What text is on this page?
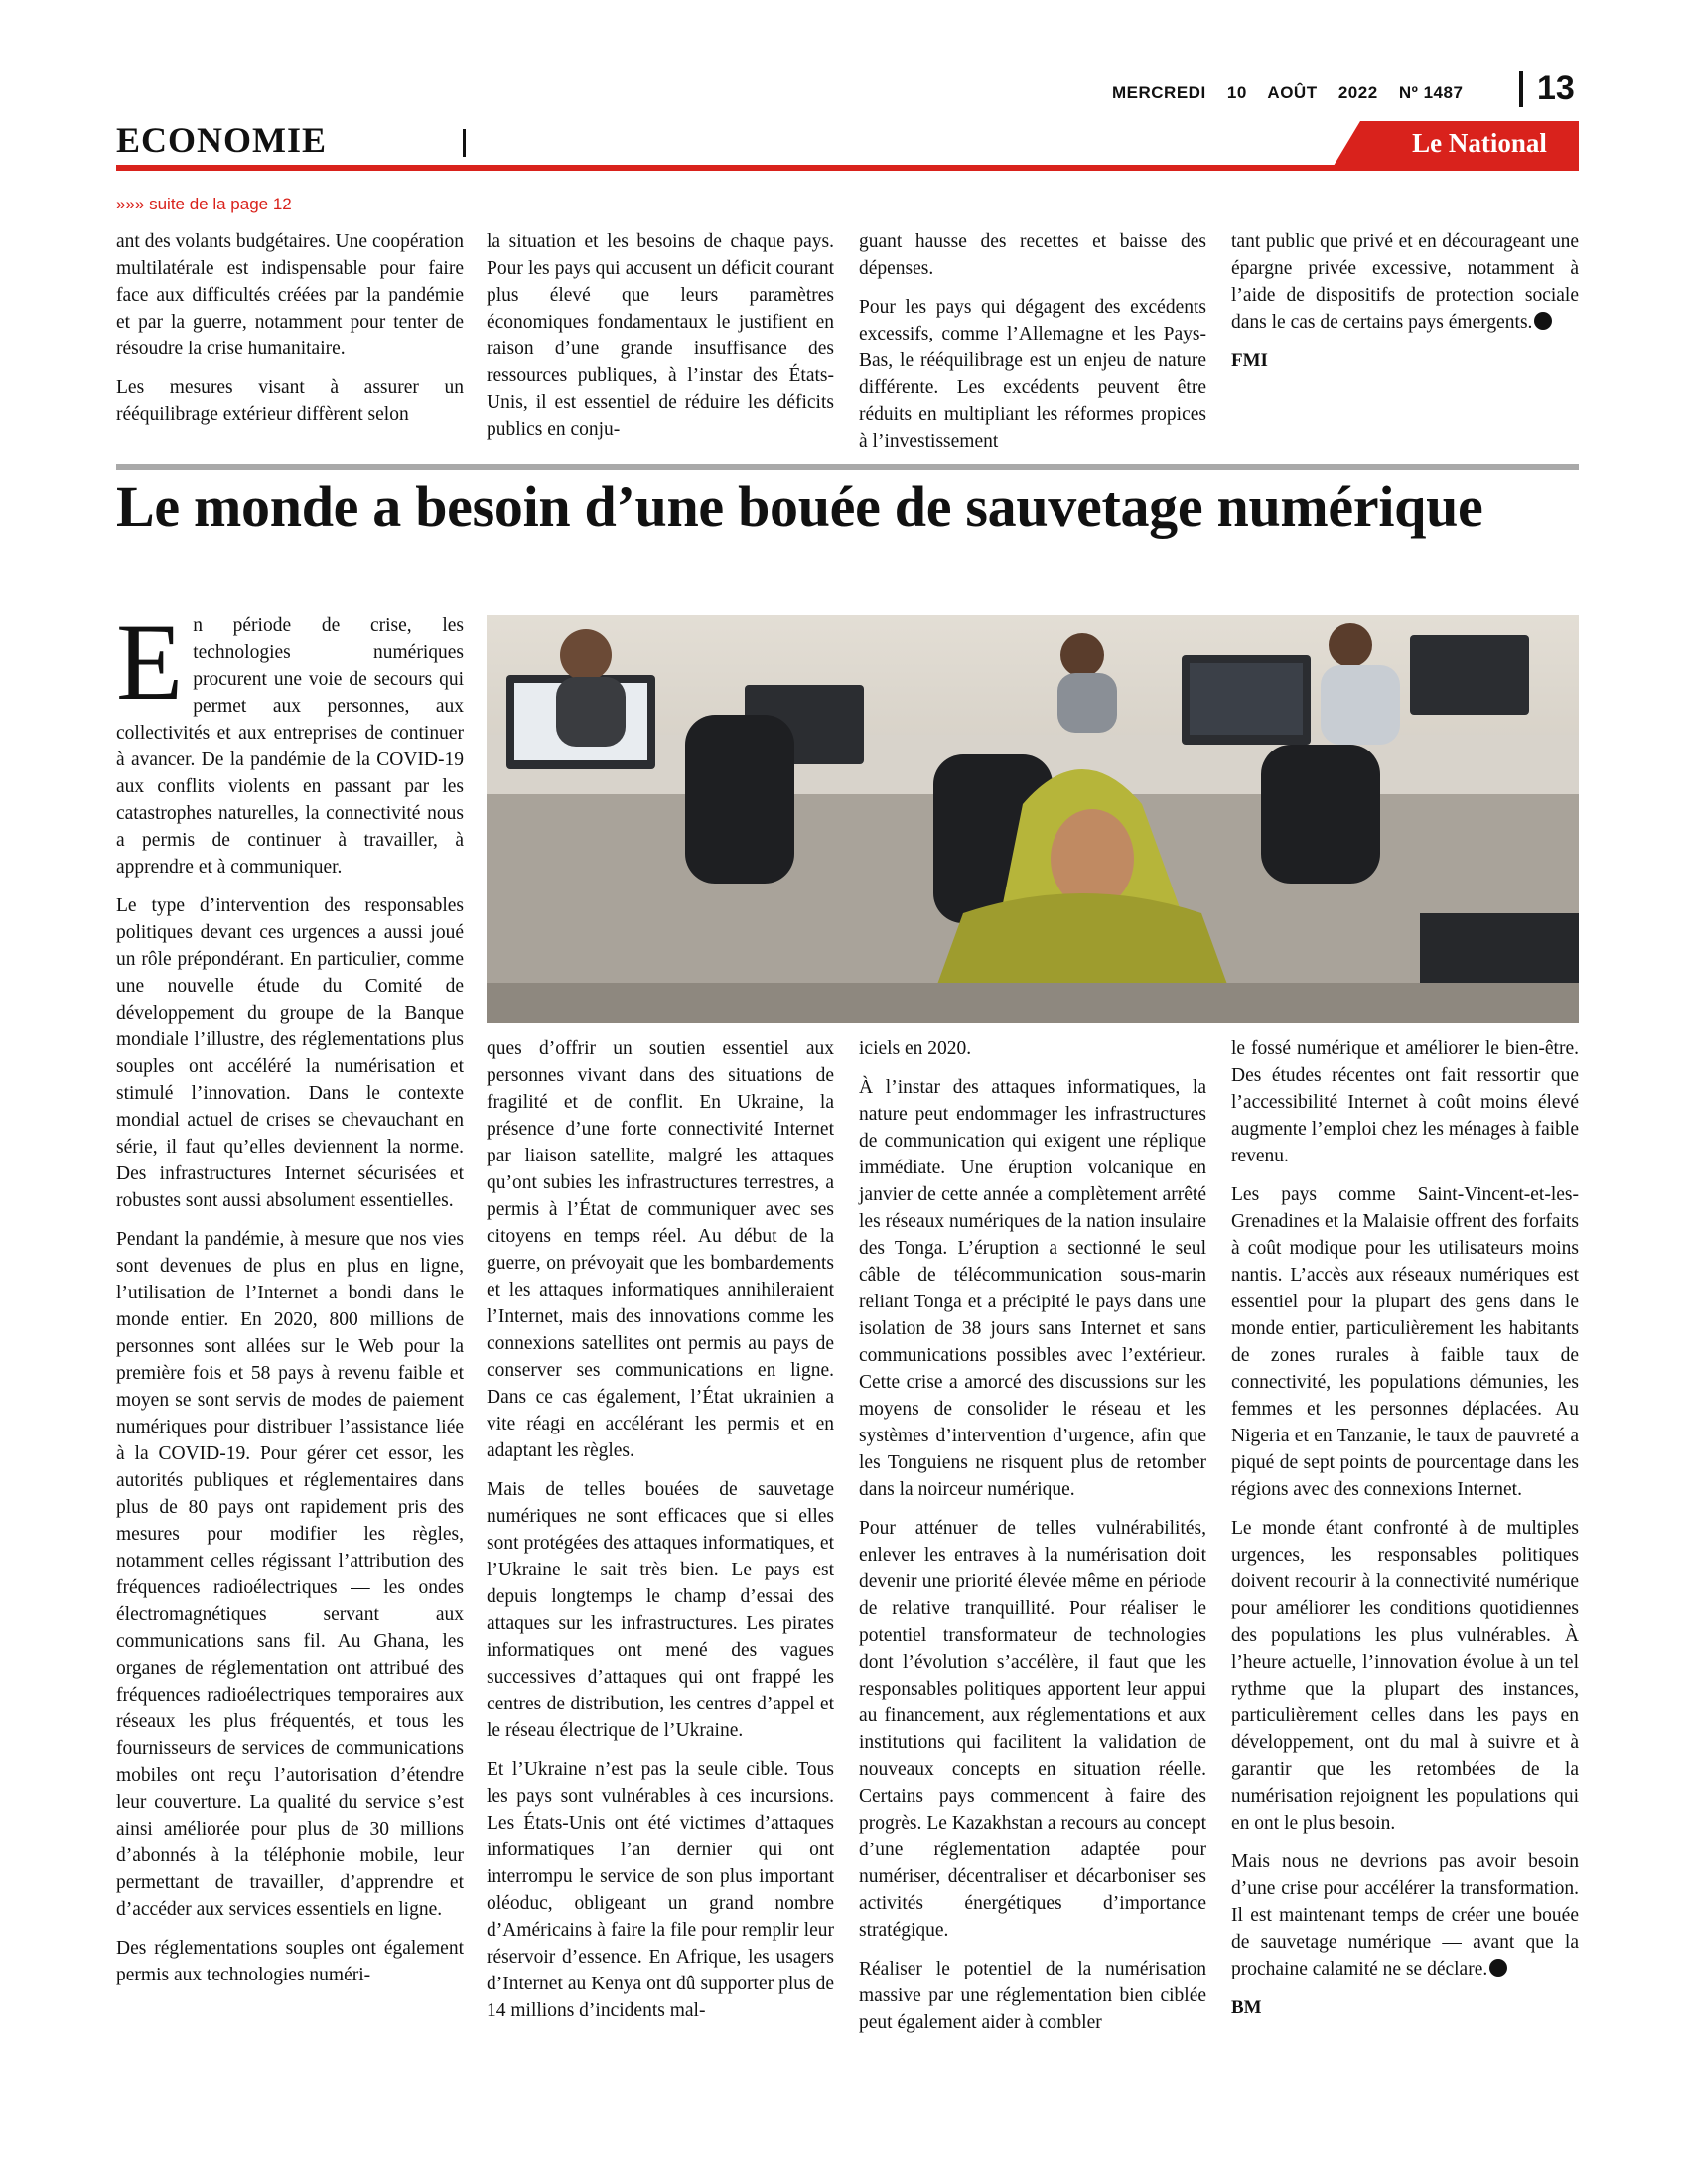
MERCREDI 10 AOÛT 2022 Nº 1487	13
ECONOMIE	Le National
»»» suite de la page 12

ant des volants budgétaires. Une coopération multilatérale est indispensable pour faire face aux difficultés créées par la pandémie et par la guerre, notamment pour tenter de résoudre la crise humanitaire.

Les mesures visant à assurer un rééquilibrage extérieur diffèrent selon

la situation et les besoins de chaque pays. Pour les pays qui accusent un déficit courant plus élevé que leurs paramètres économiques fondamentaux le justifient en raison d’une grande insuffisance des ressources publiques, à l’instar des États-Unis, il est essentiel de réduire les déficits publics en conju-

guant hausse des recettes et baisse des dépenses.

Pour les pays qui dégagent des excédents excessifs, comme l’Allemagne et les Pays-Bas, le rééquilibrage est un enjeu de nature différente. Les excédents peuvent être réduits en multipliant les réformes propices à l’investissement

tant public que privé et en décourageant une épargne privée excessive, notamment à l’aide de dispositifs de protection sociale dans le cas de certains pays émergents.

FMI
Le monde a besoin d’une bouée de sauvetage numérique

En période de crise, les technologies numériques procurent une voie de secours qui permet aux personnes, aux collectivités et aux entreprises de continuer à avancer. De la pandémie de la COVID-19 aux conflits violents en passant par les catastrophes naturelles, la connectivité nous a permis de continuer à travailler, à apprendre et à communiquer.

Le type d’intervention des responsables politiques devant ces urgences a aussi joué un rôle prépondérant. En particulier, comme une nouvelle étude du Comité de développement du groupe de la Banque mondiale l’illustre, des réglementations plus souples ont accéléré la numérisation et stimulé l’innovation. Dans le contexte mondial actuel de crises se chevauchant en série, il faut qu’elles deviennent la norme. Des infrastructures Internet sécurisées et robustes sont aussi absolument essentielles.

Pendant la pandémie, à mesure que nos vies sont devenues de plus en plus en ligne, l’utilisation de l’Internet a bondi dans le monde entier. En 2020, 800 millions de personnes sont allées sur le Web pour la première fois et 58 pays à revenu faible et moyen se sont servis de modes de paiement numériques pour distribuer l’assistance liée à la COVID-19. Pour gérer cet essor, les autorités publiques et réglementaires dans plus de 80 pays ont rapidement pris des mesures pour modifier les règles, notamment celles régissant l’attribution des fréquences radioélectriques — les ondes électromagnétiques servant aux communications sans fil. Au Ghana, les organes de réglementation ont attribué des fréquences radioélectriques temporaires aux réseaux les plus fréquentés, et tous les fournisseurs de services de communications mobiles ont reçu l’autorisation d’étendre leur couverture. La qualité du service s’est ainsi améliorée pour plus de 30 millions d’abonnés à la téléphonie mobile, leur permettant de travailler, d’apprendre et d’accéder aux services essentiels en ligne.

Des réglementations souples ont également permis aux technologies numéri-

ques d’offrir un soutien essentiel aux personnes vivant dans des situations de fragilité et de conflit. En Ukraine, la présence d’une forte connectivité Internet par liaison satellite, malgré les attaques qu’ont subies les infrastructures terrestres, a permis à l’État de communiquer avec ses citoyens en temps réel. Au début de la guerre, on prévoyait que les bombardements et les attaques informatiques annihileraient l’Internet, mais des innovations comme les connexions satellites ont permis au pays de conserver ses communications en ligne. Dans ce cas également, l’État ukrainien a vite réagi en accélérant les permis et en adaptant les règles.

Mais de telles bouées de sauvetage numériques ne sont efficaces que si elles sont protégées des attaques informatiques, et l’Ukraine le sait très bien. Le pays est depuis longtemps le champ d’essai des attaques sur les infrastructures. Les pirates informatiques ont mené des vagues successives d’attaques qui ont frappé les centres de distribution, les centres d’appel et le réseau électrique de l’Ukraine.

Et l’Ukraine n’est pas la seule cible. Tous les pays sont vulnérables à ces incursions. Les États-Unis ont été victimes d’attaques informatiques l’an dernier qui ont interrompu le service de son plus important oléoduc, obligeant un grand nombre d’Américains à faire la file pour remplir leur réservoir d’essence. En Afrique, les usagers d’Internet au Kenya ont dû supporter plus de 14 millions d’incidents mal-

iciels en 2020.

À l’instar des attaques informatiques, la nature peut endommager les infrastructures de communication qui exigent une réplique immédiate. Une éruption volcanique en janvier de cette année a complètement arrêté les réseaux numériques de la nation insulaire des Tonga. L’éruption a sectionné le seul câble de télécommunication sous-marin reliant Tonga et a précipité le pays dans une isolation de 38 jours sans Internet et sans communications possibles avec l’extérieur. Cette crise a amorcé des discussions sur les moyens de consolider le réseau et les systèmes d’intervention d’urgence, afin que les Tonguiens ne risquent plus de retomber dans la noirceur numérique.

Pour atténuer de telles vulnérabilités, enlever les entraves à la numérisation doit devenir une priorité élevée même en période de relative tranquillité. Pour réaliser le potentiel transformateur de technologies dont l’évolution s’accélère, il faut que les responsables politiques apportent leur appui au financement, aux réglementations et aux institutions qui facilitent la validation de nouveaux concepts en situation réelle. Certains pays commencent à faire des progrès. Le Kazakhstan a recours au concept d’une réglementation adaptée pour numériser, décentraliser et décarboniser ses activités énergétiques d’importance stratégique.

Réaliser le potentiel de la numérisation massive par une réglementation bien ciblée peut également aider à combler

le fossé numérique et améliorer le bien-être. Des études récentes ont fait ressortir que l’accessibilité Internet à coût moins élevé augmente l’emploi chez les ménages à faible revenu.

Les pays comme Saint-Vincent-et-les-Grenadines et la Malaisie offrent des forfaits à coût modique pour les utilisateurs moins nantis. L’accès aux réseaux numériques est essentiel pour la plupart des gens dans le monde entier, particulièrement les habitants de zones rurales à faible taux de connectivité, les populations démunies, les femmes et les personnes déplacées. Au Nigeria et en Tanzanie, le taux de pauvreté a piqué de sept points de pourcentage dans les régions avec des connexions Internet.

Le monde étant confronté à de multiples urgences, les responsables politiques doivent recourir à la connectivité numérique pour améliorer les conditions quotidiennes des populations les plus vulnérables. À l’heure actuelle, l’innovation évolue à un tel rythme que la plupart des instances, particulièrement celles dans les pays en développement, ont du mal à suivre et à garantir que les retombées de la numérisation rejoignent les populations qui en ont le plus besoin.

Mais nous ne devrions pas avoir besoin d’une crise pour accélérer la transformation. Il est maintenant temps de créer une bouée de sauvetage numérique — avant que la prochaine calamité ne se déclare.

BM
